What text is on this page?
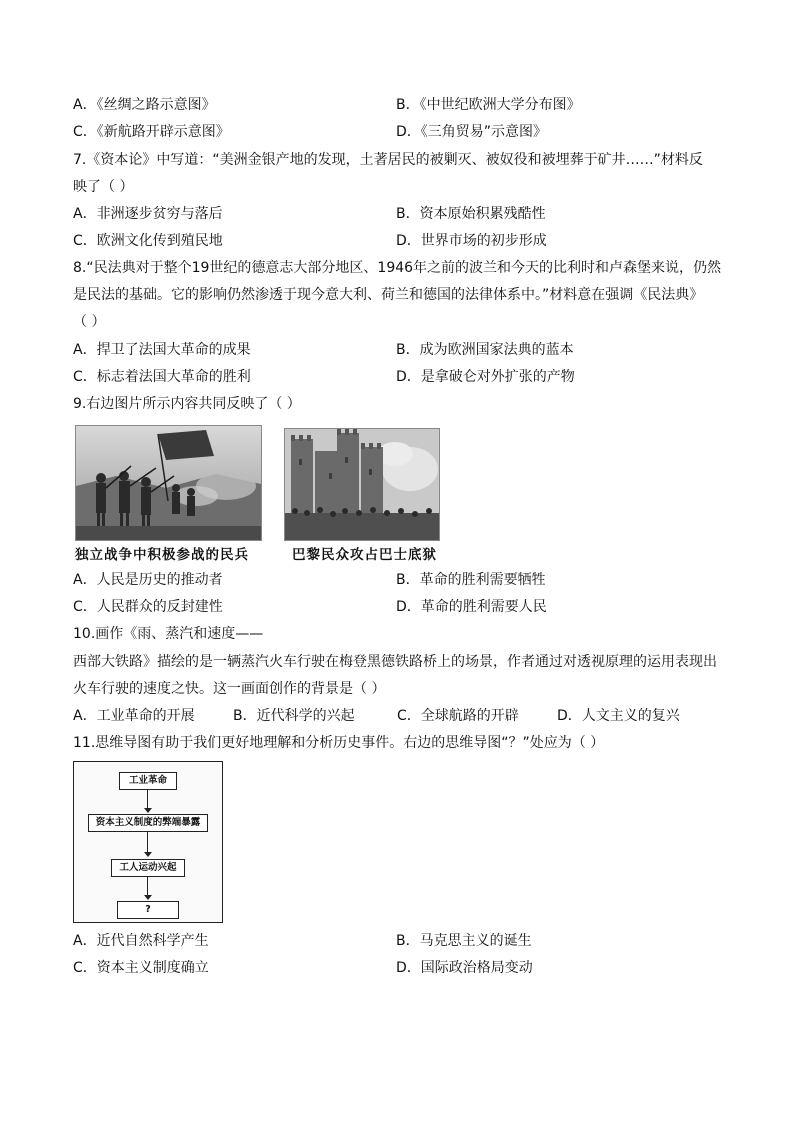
A．《丝绸之路示意图》	B．《中世纪欧洲大学分布图》
C．《新航路开辟示意图》	D．《三角贸易”示意图》
7.《资本论》中写道：“美洲金银产地的发现，土著居民的被剿灭、被奴役和被埋葬于矿井……”材料反
映了（ ）
A．非洲逐步贫穷与落后	B．资本原始积累残酷性
C．欧洲文化传到殖民地	D．世界市场的初步形成
8.“民法典对于整个19世纪的德意志大部分地区、1946年之前的波兰和今天的比利时和卢森堡来说，仍然
是民法的基础。它的影响仍然渗透于现今意大利、荷兰和德国的法律体系中。”材料意在强调《民法典》
（ ）
A．捍卫了法国大革命的成果	B．成为欧洲国家法典的蓝本
C．标志着法国大革命的胜利	D．是拿破仑对外扩张的产物
9.右边图片所示内容共同反映了（ ）
独立战争中积极参战的民兵	巴黎民众攻占巴士底狱
A．人民是历史的推动者	B．革命的胜利需要牺牲
C．人民群众的反封建性	D．革命的胜利需要人民
10.画作《雨、蒸汽和速度——
西部大铁路》描绘的是一辆蒸汽火车行驶在梅登黑德铁路桥上的场景，作者通过对透视原理的运用表现出
火车行驶的速度之快。这一画面创作的背景是（ ）
A．工业革命的开展	B．近代科学的兴起	C．全球航路的开辟	D．人文主义的复兴
11.思维导图有助于我们更好地理解和分析历史事件。右边的思维导图“？”处应为（ ）
工业革命
资本主义制度的弊端暴露
工人运动兴起
?
A．近代自然科学产生	B．马克思主义的诞生
C．资本主义制度确立	D．国际政治格局变动
